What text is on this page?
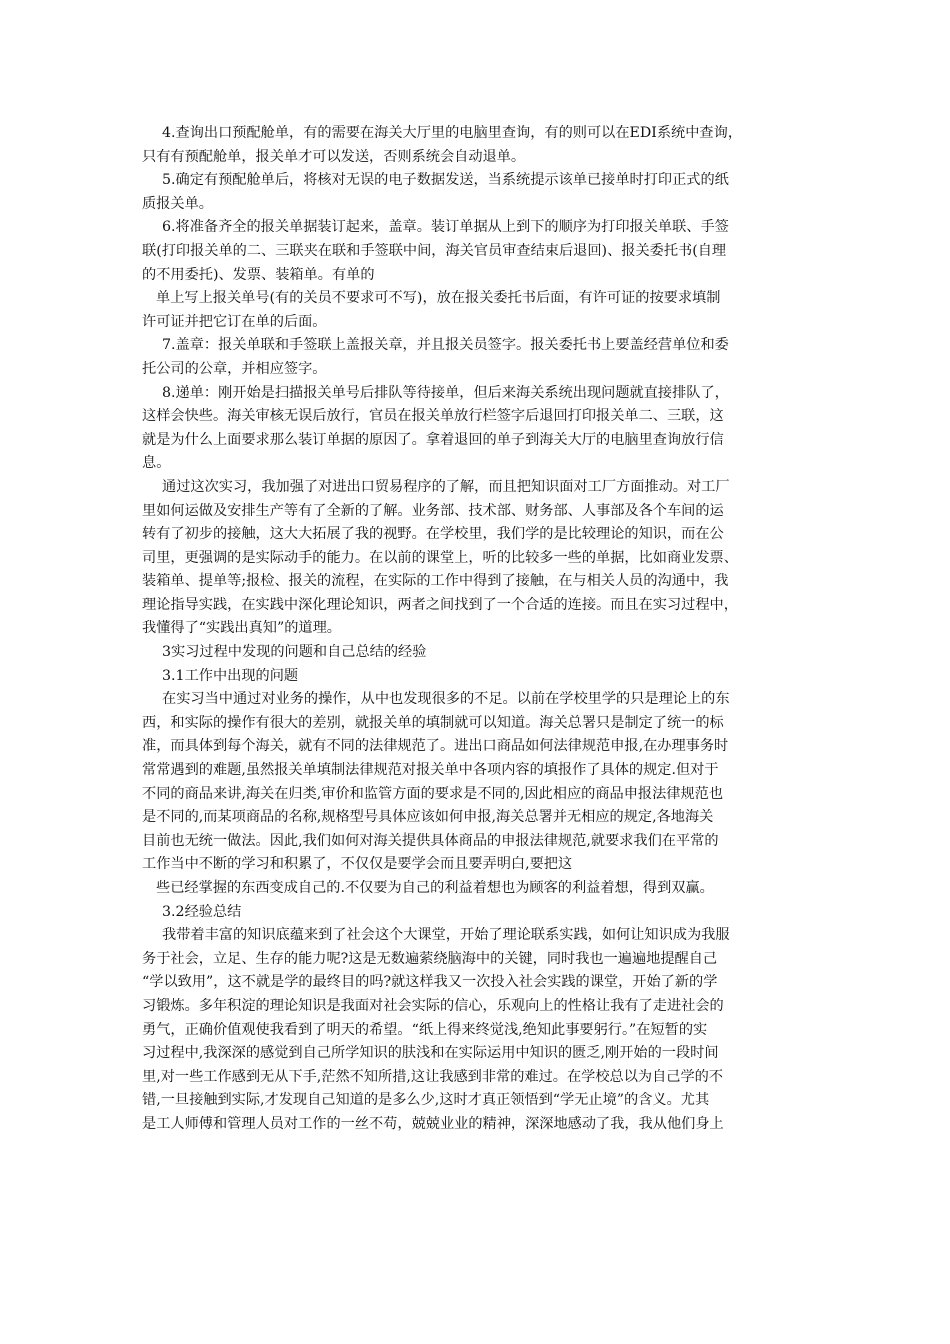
4.查询出口预配舱单，有的需要在海关大厅里的电脑里查询，有的则可以在EDI系统中查询，
只有有预配舱单，报关单才可以发送，否则系统会自动退单。
5.确定有预配舱单后，将核对无误的电子数据发送，当系统提示该单已接单时打印正式的纸
质报关单。
6.将准备齐全的报关单据装订起来，盖章。装订单据从上到下的顺序为打印报关单联、手签
联(打印报关单的二、三联夹在联和手签联中间，海关官员审查结束后退回)、报关委托书(自理
的不用委托)、发票、装箱单。有单的
单上写上报关单号(有的关员不要求可不写)，放在报关委托书后面，有许可证的按要求填制
许可证并把它订在单的后面。
7.盖章：报关单联和手签联上盖报关章，并且报关员签字。报关委托书上要盖经营单位和委
托公司的公章，并相应签字。
8.递单：刚开始是扫描报关单号后排队等待接单，但后来海关系统出现问题就直接排队了，
这样会快些。海关审核无误后放行，官员在报关单放行栏签字后退回打印报关单二、三联，这
就是为什么上面要求那么装订单据的原因了。拿着退回的单子到海关大厅的电脑里查询放行信
息。
通过这次实习，我加强了对进出口贸易程序的了解，而且把知识面对工厂方面推动。对工厂
里如何运做及安排生产等有了全新的了解。业务部、技术部、财务部、人事部及各个车间的运
转有了初步的接触，这大大拓展了我的视野。在学校里，我们学的是比较理论的知识，而在公
司里，更强调的是实际动手的能力。在以前的课堂上，听的比较多一些的单据，比如商业发票、
装箱单、提单等;报检、报关的流程，在实际的工作中得到了接触，在与相关人员的沟通中，我
理论指导实践，在实践中深化理论知识，两者之间找到了一个合适的连接。而且在实习过程中，
我懂得了“实践出真知”的道理。
3实习过程中发现的问题和自己总结的经验
3.1工作中出现的问题
在实习当中通过对业务的操作，从中也发现很多的不足。以前在学校里学的只是理论上的东
西，和实际的操作有很大的差别，就报关单的填制就可以知道。海关总署只是制定了统一的标
准，而具体到每个海关，就有不同的法律规范了。进出口商品如何法律规范申报,在办理事务时
常常遇到的难题,虽然报关单填制法律规范对报关单中各项内容的填报作了具体的规定.但对于
不同的商品来讲,海关在归类,审价和监管方面的要求是不同的,因此相应的商品申报法律规范也
是不同的,而某项商品的名称,规格型号具体应该如何申报,海关总署并无相应的规定,各地海关
目前也无统一做法。因此,我们如何对海关提供具体商品的申报法律规范,就要求我们在平常的
工作当中不断的学习和积累了，不仅仅是要学会而且要弄明白,要把这
些已经掌握的东西变成自己的.不仅要为自己的利益着想也为顾客的利益着想，得到双赢。
3.2经验总结
我带着丰富的知识底蕴来到了社会这个大课堂，开始了理论联系实践，如何让知识成为我服
务于社会，立足、生存的能力呢?这是无数遍萦绕脑海中的关键，同时我也一遍遍地提醒自己
“学以致用”，这不就是学的最终目的吗?就这样我又一次投入社会实践的课堂，开始了新的学
习锻炼。多年积淀的理论知识是我面对社会实际的信心，乐观向上的性格让我有了走进社会的
勇气，正确价值观使我看到了明天的希望。“纸上得来终觉浅,绝知此事要躬行。”在短暂的实
习过程中,我深深的感觉到自己所学知识的肤浅和在实际运用中知识的匮乏,刚开始的一段时间
里,对一些工作感到无从下手,茫然不知所措,这让我感到非常的难过。在学校总以为自己学的不
错,一旦接触到实际,才发现自己知道的是多么少,这时才真正领悟到“学无止境”的含义。尤其
是工人师傅和管理人员对工作的一丝不苟，兢兢业业的精神，深深地感动了我，我从他们身上
